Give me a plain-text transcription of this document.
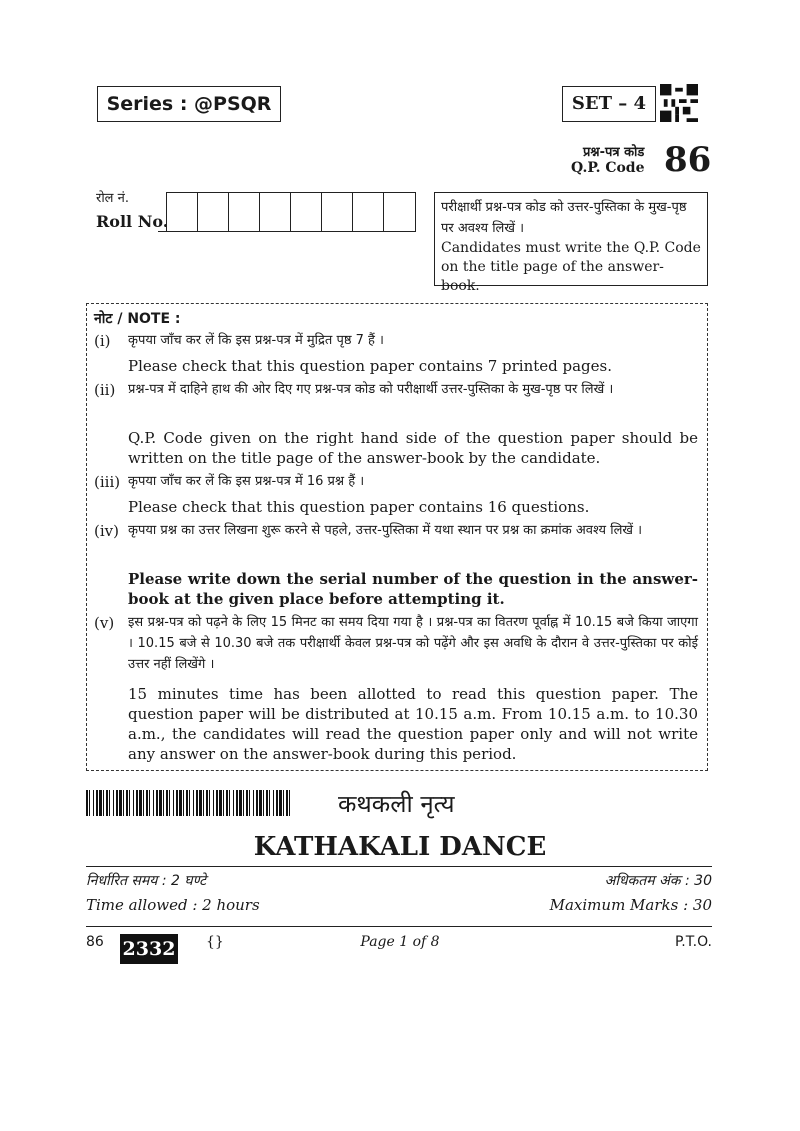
Series : @PSQR	SET – 4
प्रश्न-पत्र कोड
Q.P. Code 86
रोल नं.
Roll No.
परीक्षार्थी प्रश्न-पत्र कोड को उत्तर-पुस्तिका के मुख-पृष्ठ पर अवश्य लिखें ।
Candidates must write the Q.P. Code on the title page of the answer-book.
नोट / NOTE :
(i) कृपया जाँच कर लें कि इस प्रश्न-पत्र में मुद्रित पृष्ठ 7 हैं ।
Please check that this question paper contains 7 printed pages.
(ii) प्रश्न-पत्र में दाहिने हाथ की ओर दिए गए प्रश्न-पत्र कोड को परीक्षार्थी उत्तर-पुस्तिका के मुख-पृष्ठ पर लिखें ।
Q.P. Code given on the right hand side of the question paper should be written on the title page of the answer-book by the candidate.
(iii) कृपया जाँच कर लें कि इस प्रश्न-पत्र में 16 प्रश्न हैं ।
Please check that this question paper contains 16 questions.
(iv) कृपया प्रश्न का उत्तर लिखना शुरू करने से पहले, उत्तर-पुस्तिका में यथा स्थान पर प्रश्न का क्रमांक अवश्य लिखें ।
Please write down the serial number of the question in the answer-book at the given place before attempting it.
(v) इस प्रश्न-पत्र को पढ़ने के लिए 15 मिनट का समय दिया गया है । प्रश्न-पत्र का वितरण पूर्वाह्न में 10.15 बजे किया जाएगा । 10.15 बजे से 10.30 बजे तक परीक्षार्थी केवल प्रश्न-पत्र को पढ़ेंगे और इस अवधि के दौरान वे उत्तर-पुस्तिका पर कोई उत्तर नहीं लिखेंगे ।
15 minutes time has been allotted to read this question paper. The question paper will be distributed at 10.15 a.m. From 10.15 a.m. to 10.30 a.m., the candidates will read the question paper only and will not write any answer on the answer-book during this period.
कथकली नृत्य
KATHAKALI DANCE
निर्धारित समय : 2 घण्टे	अधिकतम अंक : 30
Time allowed : 2 hours	Maximum Marks : 30
86 2332 {}	Page 1 of 8	P.T.O.
